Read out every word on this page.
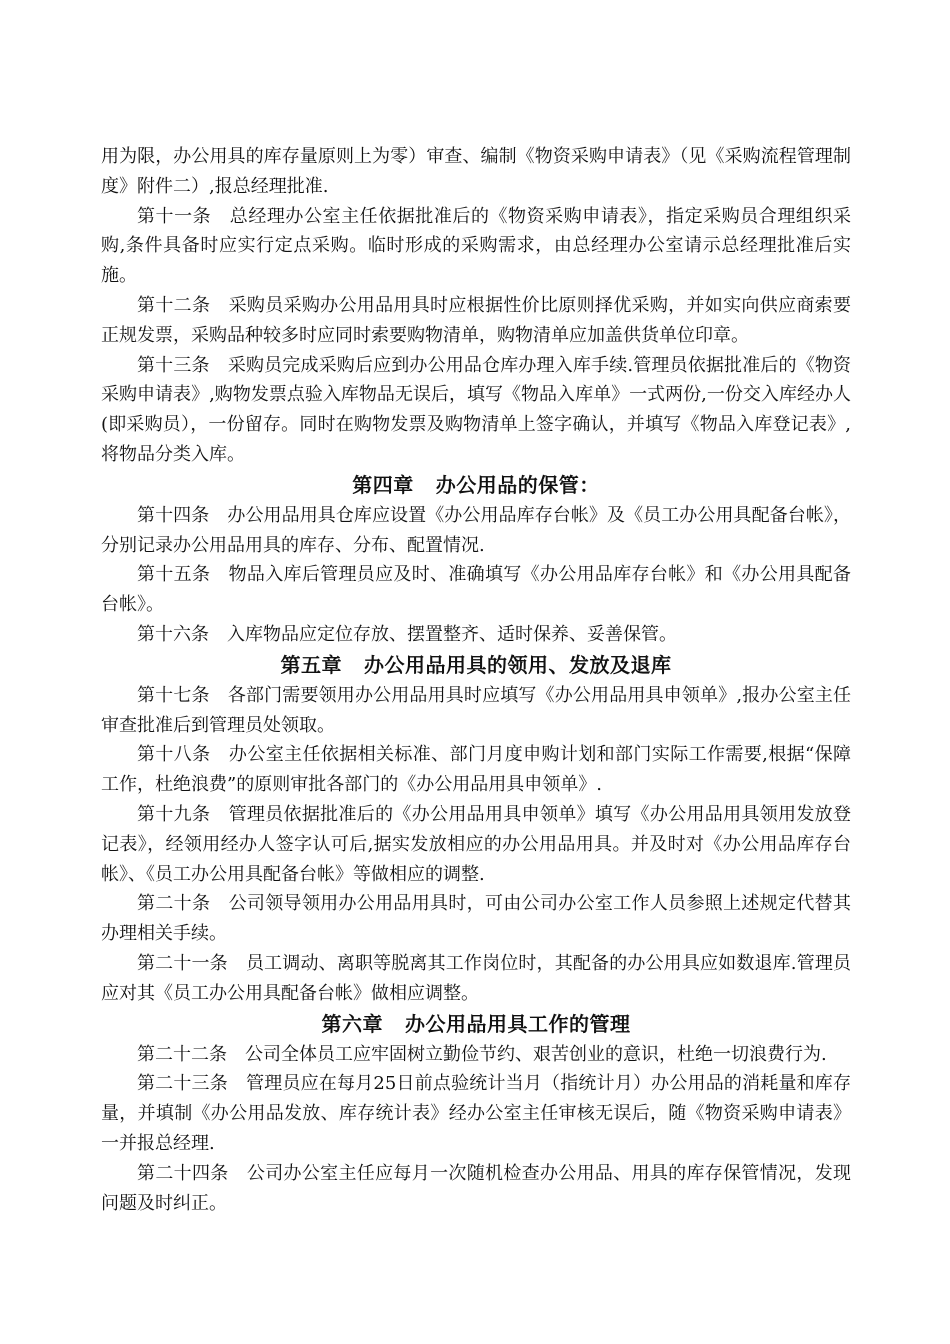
用为限，办公用具的库存量原则上为零）审查、编制《物资采购申请表》（见《采购流程管理制度》附件二）,报总经理批准.

第十一条 总经理办公室主任依据批准后的《物资采购申请表》，指定采购员合理组织采购,条件具备时应实行定点采购。临时形成的采购需求，由总经理办公室请示总经理批准后实施。

第十二条 采购员采购办公用品用具时应根据性价比原则择优采购，并如实向供应商索要正规发票，采购品种较多时应同时索要购物清单，购物清单应加盖供货单位印章。

第十三条 采购员完成采购后应到办公用品仓库办理入库手续.管理员依据批准后的《物资采购申请表》,购物发票点验入库物品无误后，填写《物品入库单》一式两份,一份交入库经办人(即采购员），一份留存。同时在购物发票及购物清单上签字确认，并填写《物品入库登记表》,将物品分类入库。

第四章 办公用品的保管：

第十四条 办公用品用具仓库应设置《办公用品库存台帐》及《员工办公用具配备台帐》，分别记录办公用品用具的库存、分布、配置情况.

第十五条 物品入库后管理员应及时、准确填写《办公用品库存台帐》和《办公用具配备台帐》。

第十六条 入库物品应定位存放、摆置整齐、适时保养、妥善保管。

第五章 办公用品用具的领用、发放及退库

第十七条 各部门需要领用办公用品用具时应填写《办公用品用具申领单》,报办公室主任审查批准后到管理员处领取。

第十八条 办公室主任依据相关标准、部门月度申购计划和部门实际工作需要,根据“保障工作，杜绝浪费”的原则审批各部门的《办公用品用具申领单》.

第十九条 管理员依据批准后的《办公用品用具申领单》填写《办公用品用具领用发放登记表》，经领用经办人签字认可后,据实发放相应的办公用品用具。并及时对《办公用品库存台帐》、《员工办公用具配备台帐》等做相应的调整.

第二十条 公司领导领用办公用品用具时，可由公司办公室工作人员参照上述规定代替其办理相关手续。

第二十一条 员工调动、离职等脱离其工作岗位时，其配备的办公用具应如数退库.管理员应对其《员工办公用具配备台帐》做相应调整。

第六章 办公用品用具工作的管理

第二十二条 公司全体员工应牢固树立勤俭节约、艰苦创业的意识，杜绝一切浪费行为.

第二十三条 管理员应在每月25日前点验统计当月（指统计月）办公用品的消耗量和库存量，并填制《办公用品发放、库存统计表》经办公室主任审核无误后，随《物资采购申请表》一并报总经理.

第二十四条 公司办公室主任应每月一次随机检查办公用品、用具的库存保管情况，发现问题及时纠正。
